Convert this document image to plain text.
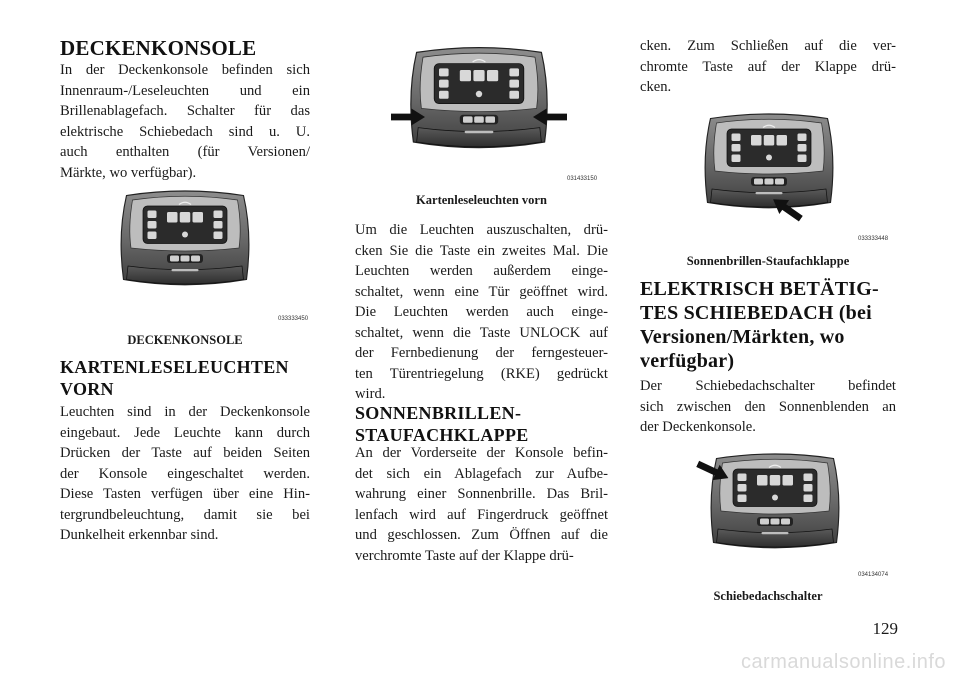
DECKENKONSOLE

In der Deckenkonsole befinden sich
Innenraum-/Leseleuchten und ein
Brillenablagefach. Schalter für das
elektrische Schiebedach sind u. U.
auch enthalten (für Versionen/
Märkte, wo verfügbar).

033333450
DECKENKONSOLE
KARTENLESELEUCHTEN
VORN

Leuchten sind in der Deckenkonsole
eingebaut. Jede Leuchte kann durch
Drücken der Taste auf beiden Seiten
der Konsole eingeschaltet werden.
Diese Tasten verfügen über eine Hin-
tergrundbeleuchtung, damit sie bei
Dunkelheit erkennbar sind.

031433150
Kartenleseleuchten vorn

Um die Leuchten auszuschalten, drü-
cken Sie die Taste ein zweites Mal. Die
Leuchten werden außerdem einge-
schaltet, wenn eine Tür geöffnet wird.
Die Leuchten werden auch einge-
schaltet, wenn die Taste UNLOCK auf
der Fernbedienung der ferngesteuer-
ten Türentriegelung (RKE) gedrückt
wird.

SONNENBRILLEN-
STAUFACHKLAPPE

An der Vorderseite der Konsole befin-
det sich ein Ablagefach zur Aufbe-
wahrung einer Sonnenbrille. Das Bril-
lenfach wird auf Fingerdruck geöffnet
und geschlossen. Zum Öffnen auf die
verchromte Taste auf der Klappe drü-

cken. Zum Schließen auf die ver-
chromte Taste auf der Klappe drü-
cken.

033333448
Sonnenbrillen-Staufachklappe
ELEKTRISCH BETÄTIG-
TES SCHIEBEDACH (bei
Versionen/Märkten, wo
verfügbar)

Der Schiebedachschalter befindet
sich zwischen den Sonnenblenden an
der Deckenkonsole.

034134074
Schiebedachschalter
129
carmanualsonline.info
